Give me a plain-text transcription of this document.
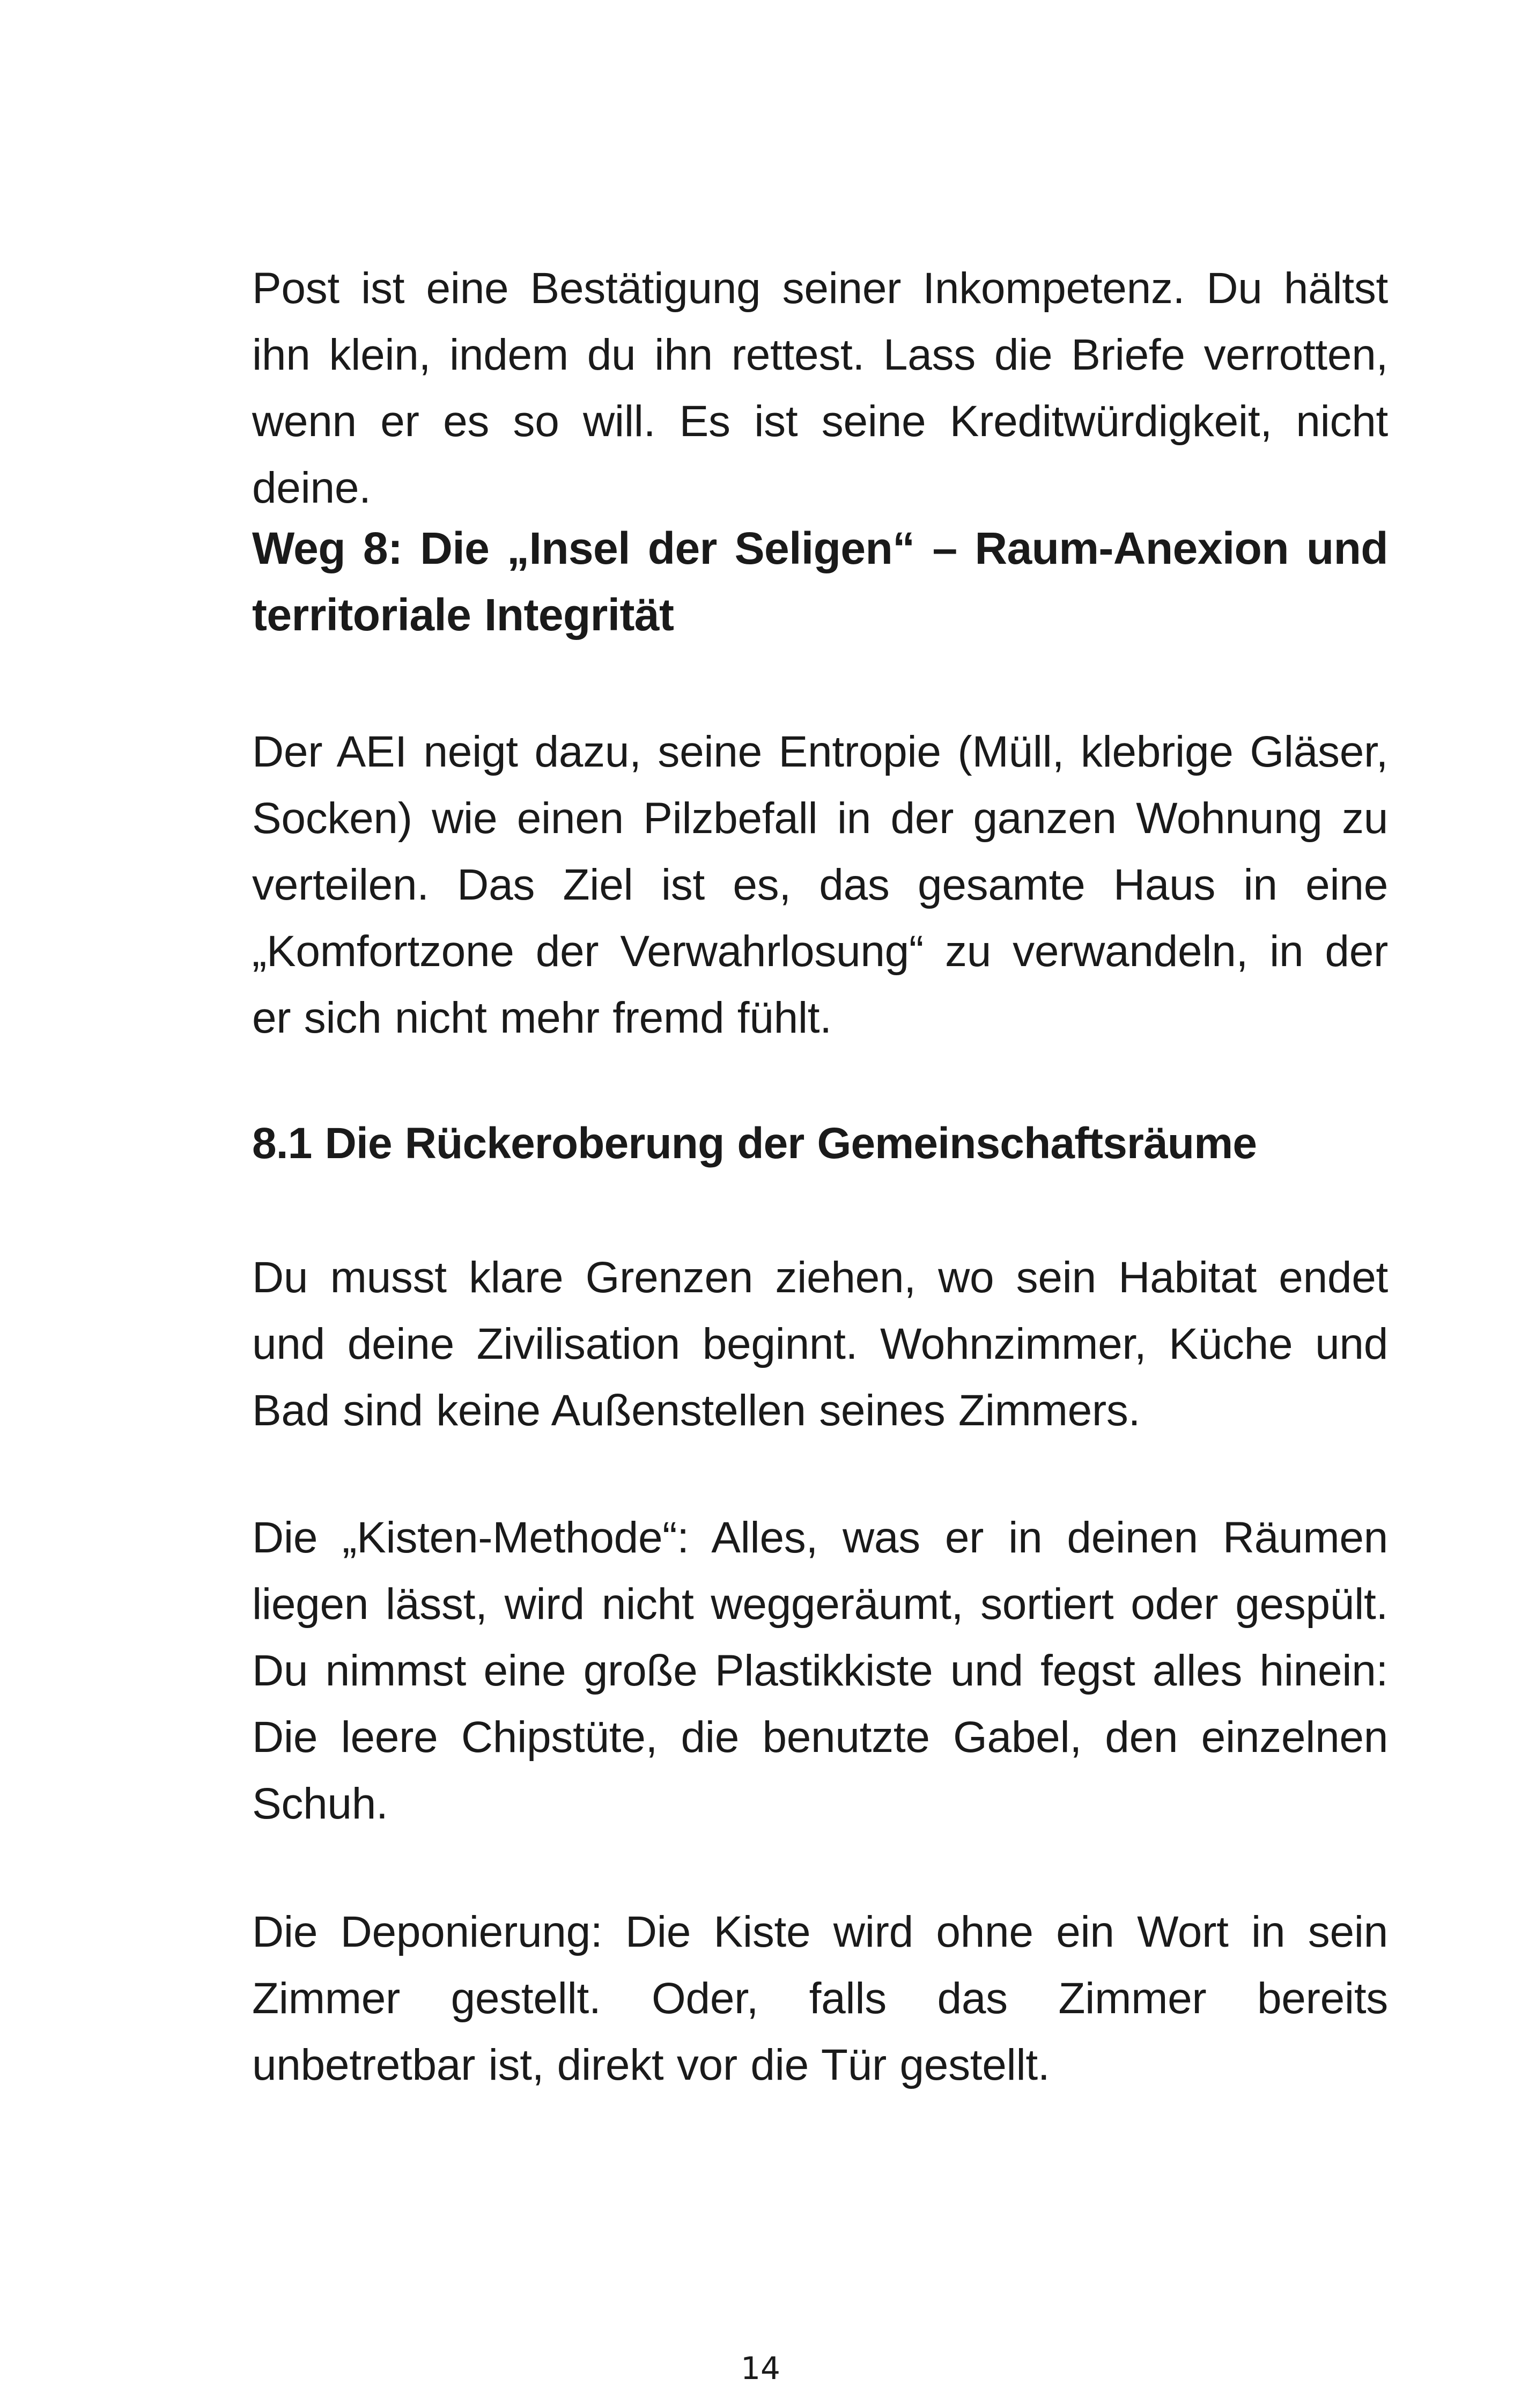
Post ist eine Bestätigung seiner Inkompetenz. Du hältst ihn klein, indem du ihn rettest. Lass die Briefe verrotten, wenn er es so will. Es ist seine Kreditwürdigkeit, nicht deine.

Weg 8: Die „Insel der Seligen“ – Raum-Anexion und territoriale Integrität

Der AEI neigt dazu, seine Entropie (Müll, klebrige Gläser, Socken) wie einen Pilzbefall in der ganzen Wohnung zu verteilen. Das Ziel ist es, das gesamte Haus in eine „Komfortzone der Verwahrlosung“ zu verwandeln, in der er sich nicht mehr fremd fühlt.

8.1 Die Rückeroberung der Gemeinschaftsräume

Du musst klare Grenzen ziehen, wo sein Habitat endet und deine Zivilisation beginnt. Wohnzimmer, Küche und Bad sind keine Außenstellen seines Zimmers.

Die „Kisten-Methode“: Alles, was er in deinen Räumen liegen lässt, wird nicht weggeräumt, sortiert oder gespült. Du nimmst eine große Plastikkiste und fegst alles hinein: Die leere Chipstüte, die benutzte Gabel, den einzelnen Schuh.

Die Deponierung: Die Kiste wird ohne ein Wort in sein Zimmer gestellt. Oder, falls das Zimmer bereits unbetretbar ist, direkt vor die Tür gestellt.

14
